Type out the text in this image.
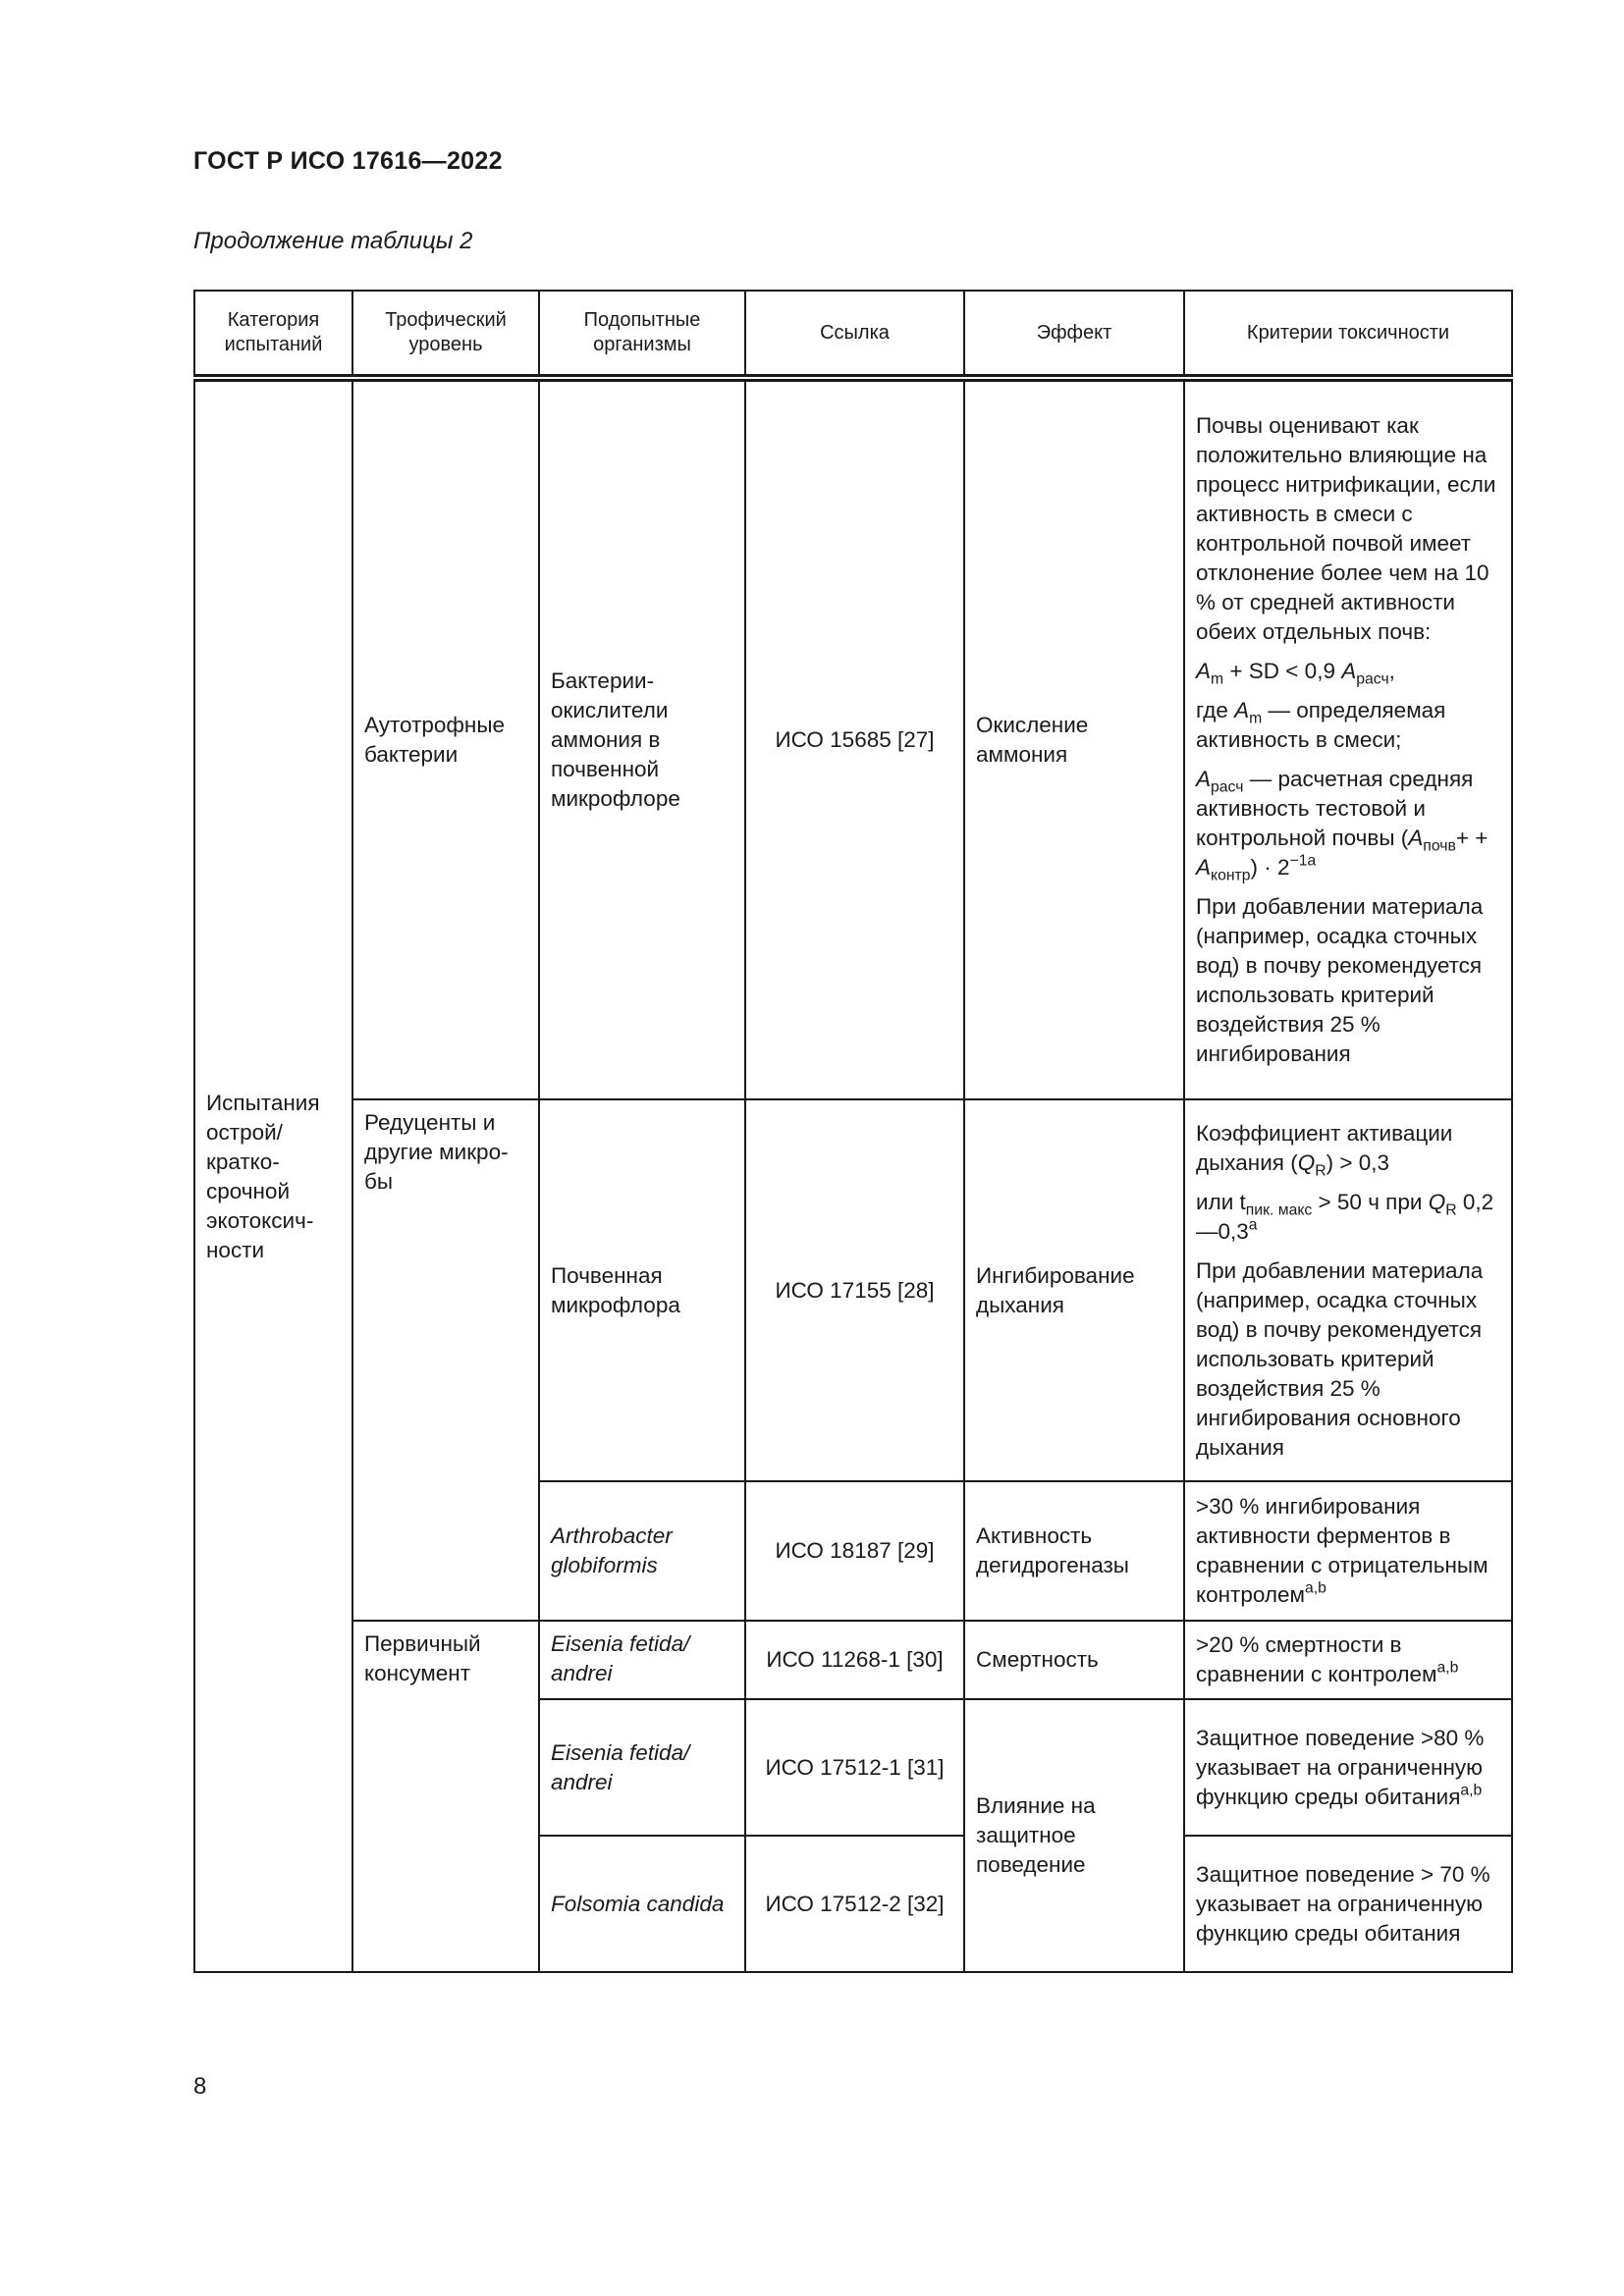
ГОСТ Р ИСО 17616—2022
Продолжение таблицы 2
Категория испытаний	Трофический уровень	Подопытные организмы	Ссылка	Эффект	Критерии токсичности
Испытания острой/краткосрочной экотоксичности	Аутотрофные бактерии	Бактерии-окислители аммония в почвенной микрофлоре	ИСО 15685 [27]	Окисление аммония	Почвы оценивают как положительно влияющие на процесс нитрификации, если активность в смеси с контрольной почвой имеет отклонение более чем на 10 % от средней активности обеих отдельных почв:

$A_m$ + SD < 0,9 $A_{расч}$,

где $A_m$ — определяемая активность в смеси;

$A_{расч}$ — расчетная средняя активность тестовой и контрольной почвы $(A_{почв}+ + A_{контр}) \cdot 2^{-1a}$

При добавлении материала (например, осадка сточных вод) в почву рекомендуется использовать критерий воздействия 25 % ингибирования

	Редуценты и другие микробы	Почвенная микрофлора	ИСО 17155 [28]	Ингибирование дыхания	Коэффициент активации дыхания $(Q_R) > 0,3$

или $t_{пик. макс} > 50$ ч при $Q_R$ 0,2—0,3$^a$

При добавлении материала (например, осадка сточных вод) в почву рекомендуется использовать критерий воздействия 25 % ингибирования основного дыхания

		Arthrobacter globiformis	ИСО 18187 [29]	Активность дегидрогеназы	>30 % ингибирования активности ферментов в сравнении с отрицательным контролем$^{a,b}$
	Первичный консумент	Eisenia fetida/ andrei	ИСО 11268-1 [30]	Смертность	>20 % смертности в сравнении с контролем$^{a,b}$
		Eisenia fetida/ andrei	ИСО 17512-1 [31]	Влияние на защитное поведение	Защитное поведение >80 % указывает на ограниченную функцию среды обитания$^{a,b}$
		Folsomia candida	ИСО 17512-2 [32]		Защитное поведение > 70 % указывает на ограниченную функцию среды обитания
8
